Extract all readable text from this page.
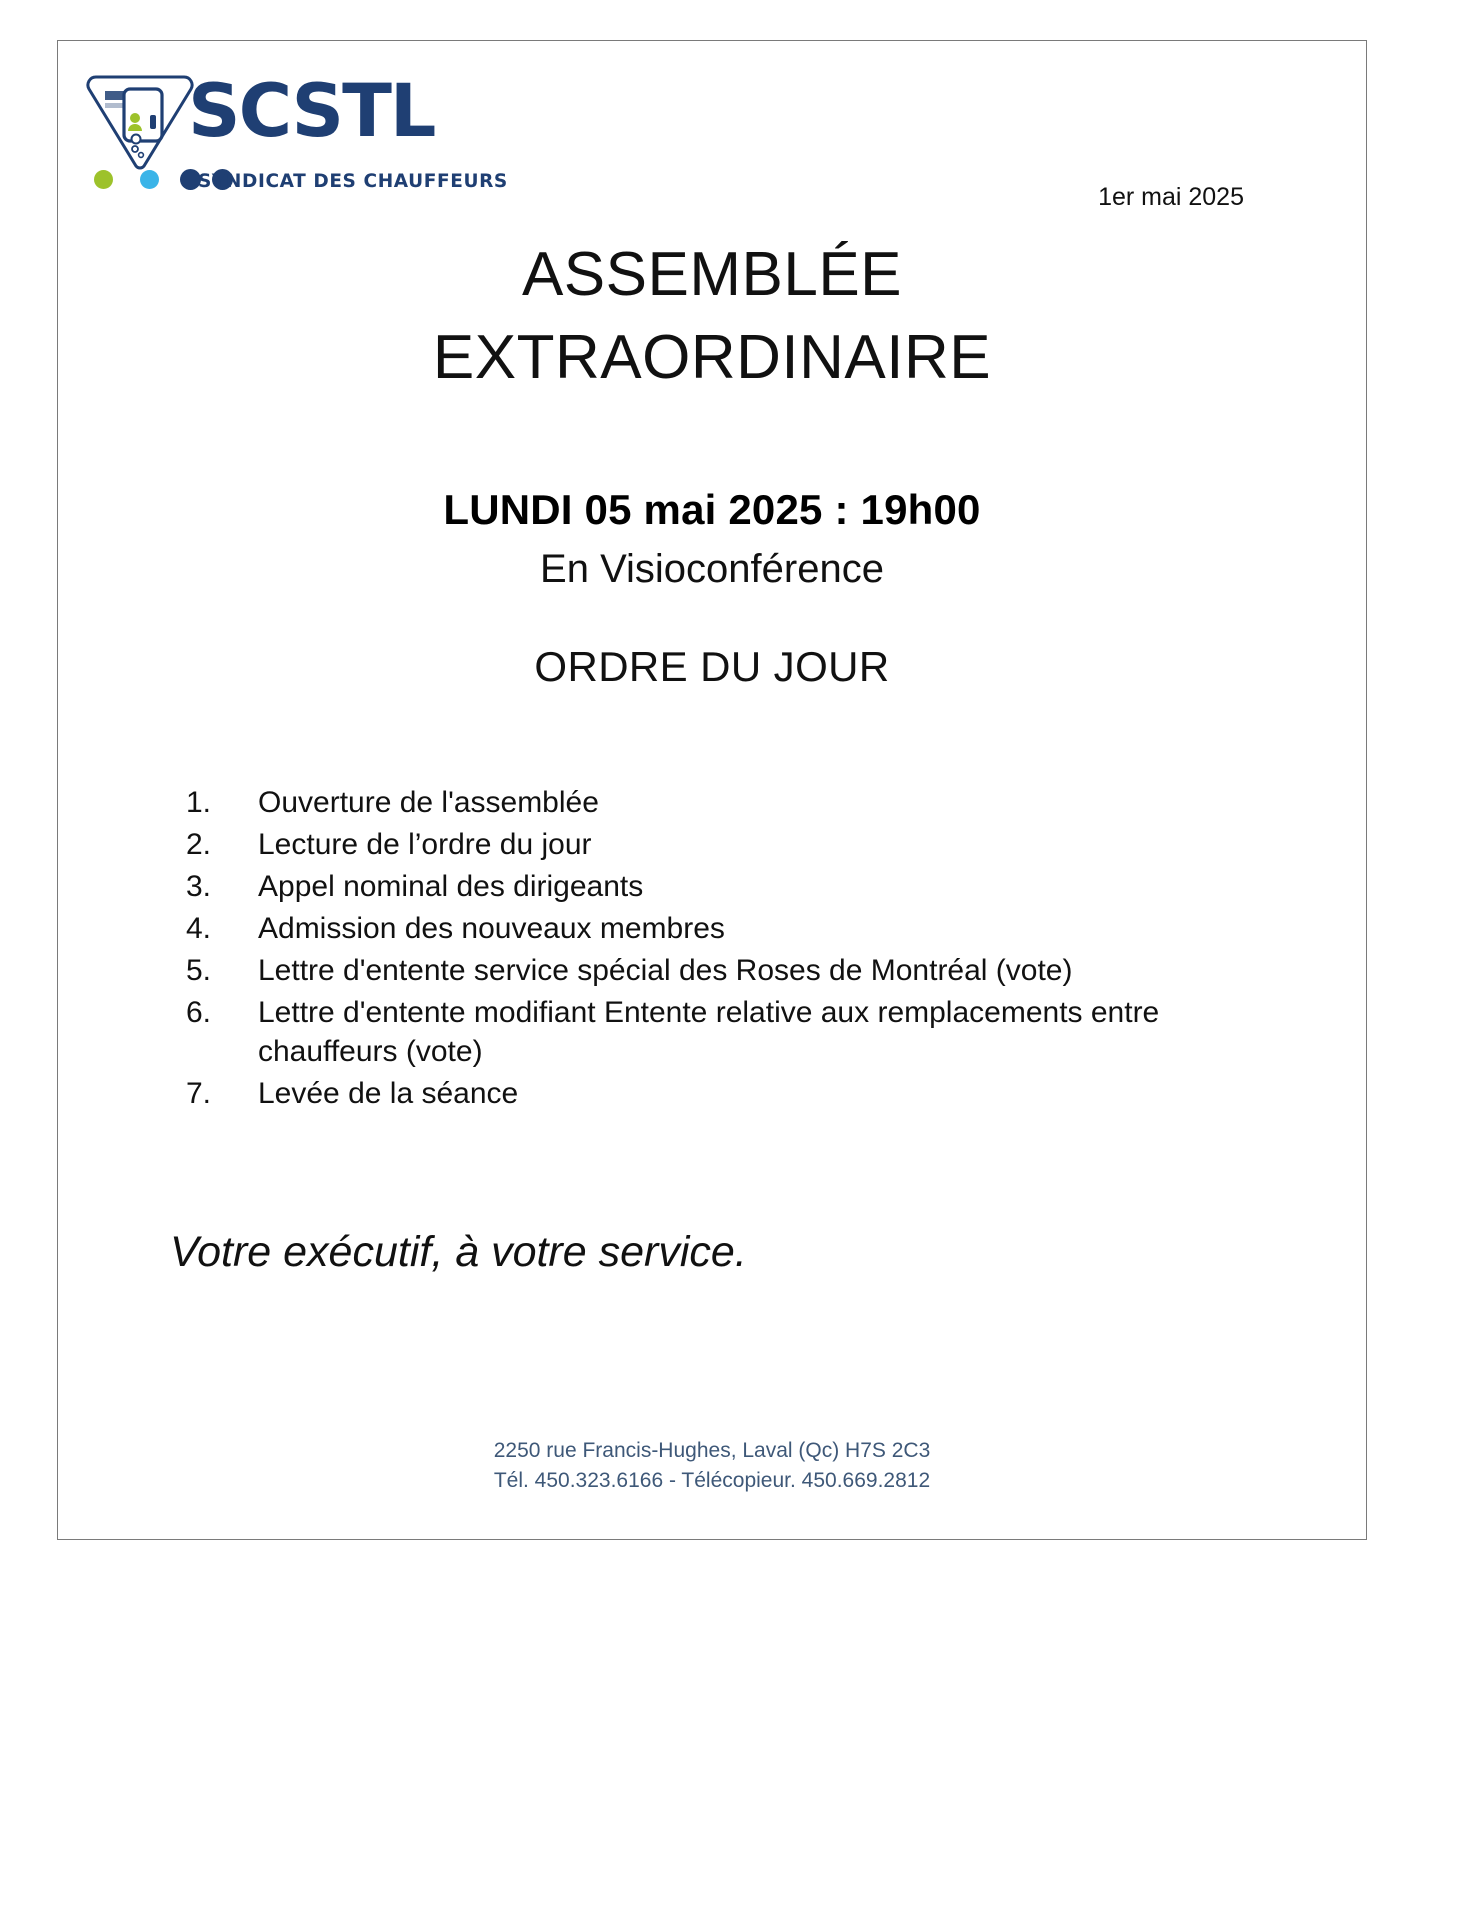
SCSTL
SYNDICAT DES CHAUFFEURS
1er mai 2025
ASSEMBLÉE
EXTRAORDINAIRE
LUNDI 05 mai 2025 : 19h00
En Visioconférence
ORDRE DU JOUR
1.	Ouverture de l'assemblée
2.	Lecture de l’ordre du jour
3.	Appel nominal des dirigeants
4.	Admission des nouveaux membres
5.	Lettre d'entente service spécial des Roses de Montréal (vote)
6.	Lettre d'entente modifiant Entente relative aux remplacements entre chauffeurs (vote)
7.	Levée de la séance
Votre exécutif, à votre service.
2250 rue Francis-Hughes, Laval (Qc) H7S 2C3
Tél. 450.323.6166 - Télécopieur. 450.669.2812
